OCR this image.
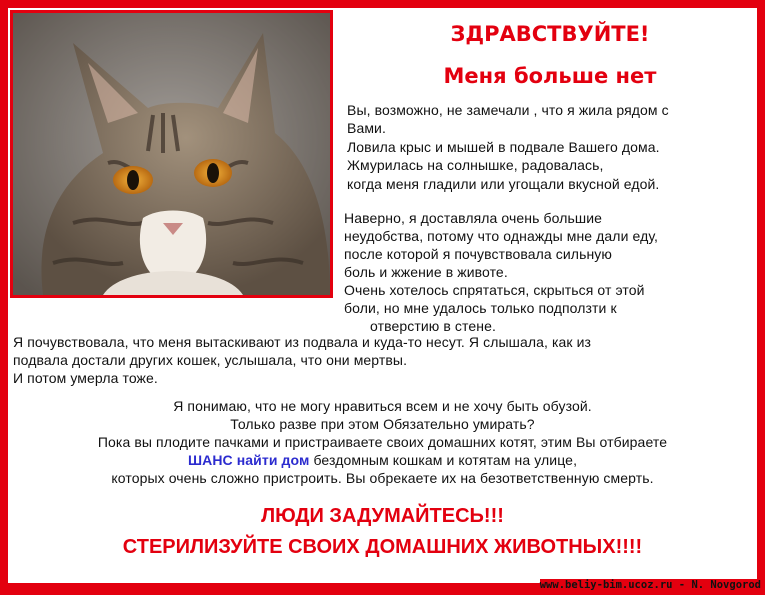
ЗДРАВСТВУЙТЕ!

Меня больше нет

Вы, возможно, не замечали , что я жила рядом с

Вами.

Ловила крыс и мышей в подвале Вашего дома.

Жмурилась на солнышке, радовалась,

когда меня гладили или угощали вкусной едой.

Наверно, я доставляла очень большие

неудобства, потому что однажды мне дали еду,

после которой я почувствовала сильную

боль и жжение в животе.

Очень хотелось спрятаться, скрыться от этой

боли, но мне удалось только подползти к

отверстию в стене.

Я почувствовала, что меня вытаскивают из подвала и куда-то несут. Я слышала, как из

подвала достали других кошек, услышала, что они мертвы.

И потом умерла тоже.

Я понимаю, что не могу нравиться всем и не хочу быть обузой.

Только разве при этом Обязательно умирать?

Пока вы плодите пачками и пристраиваете своих домашних котят, этим Вы отбираете

ШАНС найти дом бездомным кошкам и котятам на улице,

которых очень сложно пристроить. Вы обрекаете их на безответственную смерть.

ЛЮДИ ЗАДУМАЙТЕСЬ!!!

СТЕРИЛИЗУЙТЕ СВОИХ ДОМАШНИХ ЖИВОТНЫХ!!!!

www.beliy-bim.ucoz.ru - N. Novgorod
